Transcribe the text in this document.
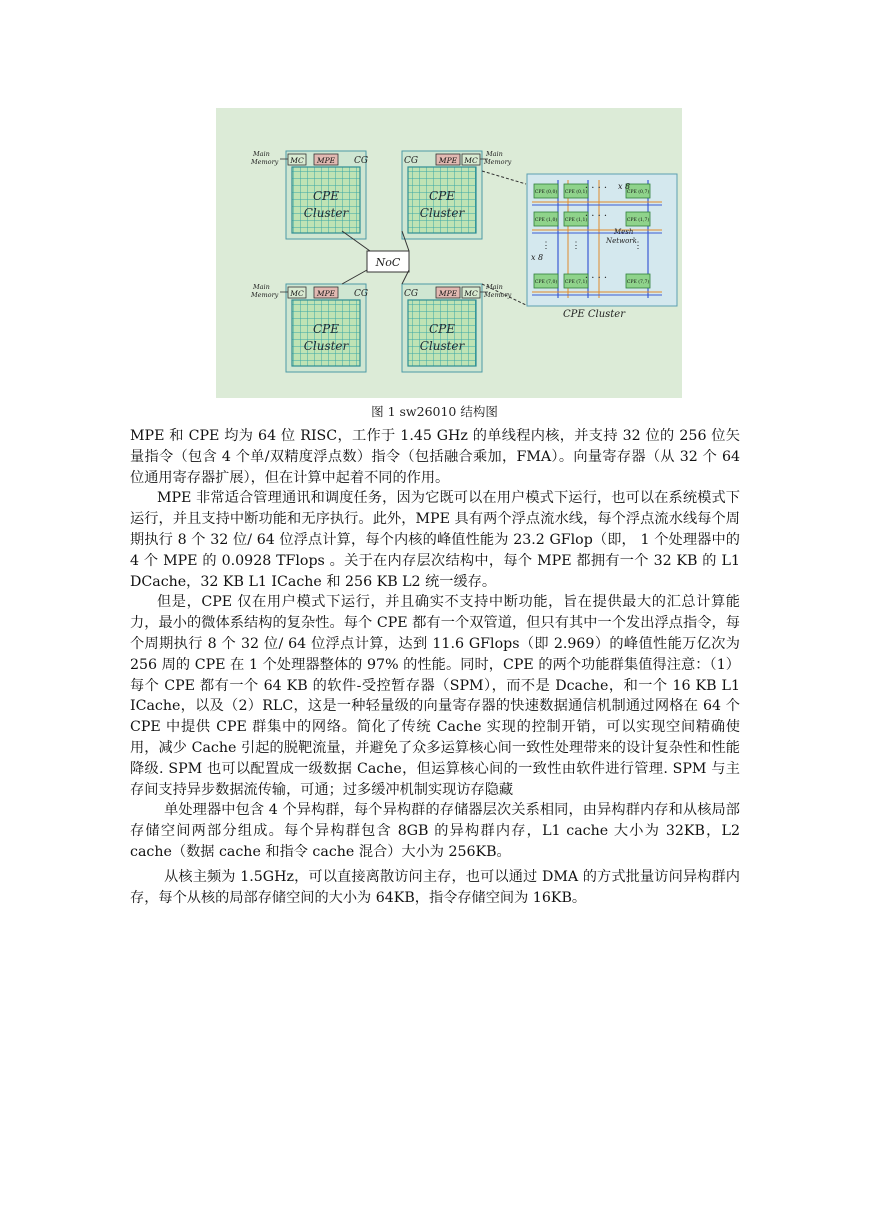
MC MPE CG
CPE
Cluster
Main
Memory	MC
MPE
CG
CPE
Cluster
Main
Memory
MC MPE CG
CPE
Cluster
Main
Memory	MC
MPE
CG
CPE
Cluster
Main
Memory
NoC
CPE (0,0) CPE (0,1)	CPE (0,7)
CPE (1,0) CPE (1,1)	CPE (1,7)
CPE (7,0) CPE (7,1)	CPE (7,7)
· · · ·
· · · ·
· · · ·
⋮ ⋮	⋮
x 8
x 8
Mesh
Network
CPE Cluster
图 1 sw26010 结构图

MPE 和 CPE 均为 64 位 RISC，工作于 1.45 GHz 的单线程内核，并支持 32 位的 256 位矢量指令（包含 4 个单/双精度浮点数）指令（包括融合乘加，FMA）。向量寄存器（从 32 个 64 位通用寄存器扩展），但在计算中起着不同的作用。

MPE 非常适合管理通讯和调度任务，因为它既可以在用户模式下运行，也可以在系统模式下运行，并且支持中断功能和无序执行。此外，MPE 具有两个浮点流水线，每个浮点流水线每个周期执行 8 个 32 位/ 64 位浮点计算，每个内核的峰值性能为 23.2 GFlop（即， 1 个处理器中的 4 个 MPE 的 0.0928 TFlops 。关于在内存层次结构中，每个 MPE 都拥有一个 32 KB 的 L1 DCache，32 KB L1 ICache 和 256 KB L2 统一缓存。

但是，CPE 仅在用户模式下运行，并且确实不支持中断功能，旨在提供最大的汇总计算能力，最小的微体系结构的复杂性。每个 CPE 都有一个双管道，但只有其中一个发出浮点指令，每个周期执行 8 个 32 位/ 64 位浮点计算，达到 11.6 GFlops（即 2.969）的峰值性能万亿次为 256 周的 CPE 在 1 个处理器整体的 97% 的性能。同时，CPE 的两个功能群集值得注意：（1）每个 CPE 都有一个 64 KB 的软件-受控暂存器（SPM），而不是 Dcache，和一个 16 KB L1 ICache，以及（2）RLC，这是一种轻量级的向量寄存器的快速数据通信机制通过网格在 64 个 CPE 中提供 CPE 群集中的网络。简化了传统 Cache 实现的控制开销，可以实现空间精确使用，减少 Cache 引起的脱靶流量，并避免了众多运算核心间一致性处理带来的设计复杂性和性能降级. SPM 也可以配置成一级数据 Cache，但运算核心间的一致性由软件进行管理. SPM 与主存间支持异步数据流传输，可通；过多缓冲机制实现访存隐藏

单处理器中包含 4 个异构群，每个异构群的存储器层次关系相同，由异构群内存和从核局部存储空间两部分组成。每个异构群包含 8GB 的异构群内存，L1 cache 大小为 32KB，L2 cache（数据 cache 和指令 cache 混合）大小为 256KB。

从核主频为 1.5GHz，可以直接离散访问主存，也可以通过 DMA 的方式批量访问异构群内存，每个从核的局部存储空间的大小为 64KB，指令存储空间为 16KB。
